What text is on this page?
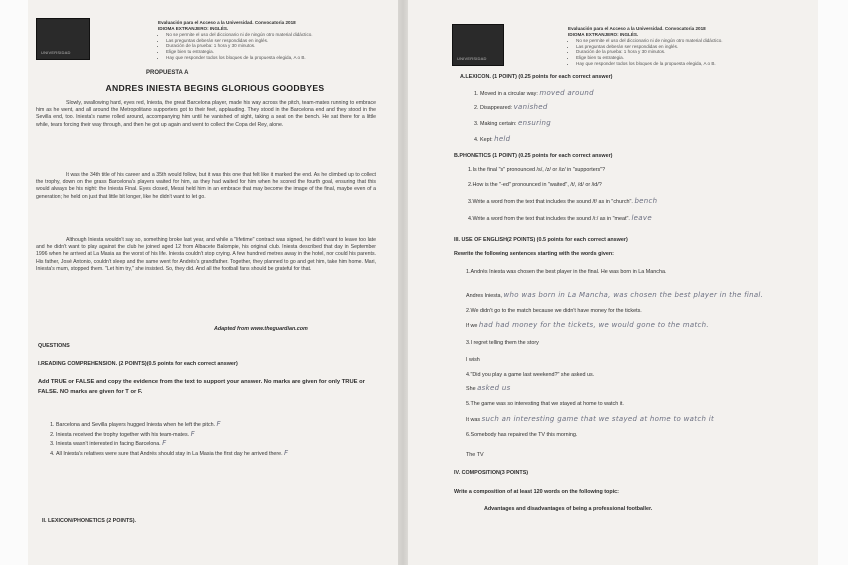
UNIVERSIDAD
Evaluación para el Acceso a la Universidad. Convocatoria 2018
IDIOMA EXTRANJERO: INGLÉS.
• No se permite el uso del diccionario ni de ningún otro material didáctico.
• Las preguntas deberán ser respondidas en inglés.
• Duración de la prueba: 1 hora y 30 minutos.
• Elige bien tu estrategia.
• Hay que responder todos los bloques de la propuesta elegida, A o B.
PROPUESTA A
ANDRES INIESTA BEGINS GLORIOUS GOODBYES
Slowly, swallowing hard, eyes red, Iniesta, the great Barcelona player, made his way across the pitch, team-mates running to embrace him as he went, and all around the Metropolitano supporters got to their feet, applauding. They stood in the Barcelona end and they stood in the Sevilla end, too. Iniesta's name rolled around, accompanying him until he vanished of sight, taking a seat on the bench. He sat there for a little while, tears forcing their way through, and then he got up again and went to collect the Copa del Rey, alone.
It was the 34th title of his career and a 35th would follow, but it was this one that felt like it marked the end. As he climbed up to collect the trophy, down on the grass Barcelona's players waited for him, as they had waited for him when he scored the fourth goal, ensuring that this would always be his night: the Iniesta Final. Eyes closed, Messi held him in an embrace that may become the image of the final, maybe even of a generation; he held on just that little bit longer, like he didn't want to let go.
Although Iniesta wouldn't say so, something broke last year, and while a "lifetime" contract was signed, he didn't want to leave too late and he didn't want to play against the club he joined aged 12 from Albacete Balompie, his original club. Iniesta described that day in September 1996 when he arrived at La Masia as the worst of his life. Iniesta couldn't stop crying. A few hundred metres away in the hotel, nor could his parents. His father, José Antonio, couldn't sleep and the same went for Andrés's grandfather. Together, they planned to go and get him, take him home. Mari, Iniesta's mum, stopped them. "Let him try," she insisted. So, they did. And all the football fans should be grateful for that.
Adapted from www.theguardian.com
QUESTIONS
I.READING COMPREHENSION. (2 POINTS)(0.5 points for each correct answer)
Add TRUE or FALSE and copy the evidence from the text to support your answer. No marks are given for only TRUE or FALSE. NO marks are given for T or F.
1. Barcelona and Sevilla players hugged Iniesta when he left the pitch. F
2. Iniesta received the trophy together with his team-mates. F
3. Iniesta wasn't interested in facing Barcelona. F
4. All Iniesta's relatives were sure that Andrés should stay in La Masia the first day he arrived there. F
II. LEXICON/PHONETICS (2 POINTS).
UNIVERSIDAD
Evaluación para el Acceso a la Universidad. Convocatoria 2018
IDIOMA EXTRANJERO: INGLÉS.
• No se permite el uso del diccionario ni de ningún otro material didáctico.
• Las preguntas deberán ser respondidas en inglés.
• Duración de la prueba: 1 hora y 30 minutos.
• Elige bien tu estrategia.
• Hay que responder todos los bloques de la propuesta elegida, A o B.
A.LEXICON. (1 POINT) (0.25 points for each correct answer)
1. Moved in a circular way: moved around
2. Disappeared: vanished
3. Making certain: ensuring
4. Kept: held
B.PHONETICS (1 POINT) (0.25 points for each correct answer)
1.Is the final "s" pronounced /s/, /z/ or /iz/ in "supporters"?
2.How is the "-ed" pronounced in "waited", /t/, /d/ or /id/?
3.Write a word from the text that includes the sound /f/ as in "church". bench
4.Write a word from the text that includes the sound /i:/ as in "meat". leave
III. USE OF ENGLISH(2 POINTS) (0.5 points for each correct answer)
Rewrite the following sentences starting with the words given:
1.Andrés Iniesta was chosen the best player in the final. He was born in La Mancha.
Andres Iniesta, who was born in La Mancha, was chosen the best player in the final.
2.We didn't go to the match because we didn't have money for the tickets.
If we had had money for the tickets, we would gone to the match.
3.I regret telling them the story
I wish
4."Did you play a game last weekend?" she asked us.
She asked us
5.The game was so interesting that we stayed at home to watch it.
It was such an interesting game that we stayed at home to watch it
6.Somebody has repaired the TV this morning.
The TV
IV. COMPOSITION(3 POINTS)
Write a composition of at least 120 words on the following topic:
Advantages and disadvantages of being a professional footballer.
